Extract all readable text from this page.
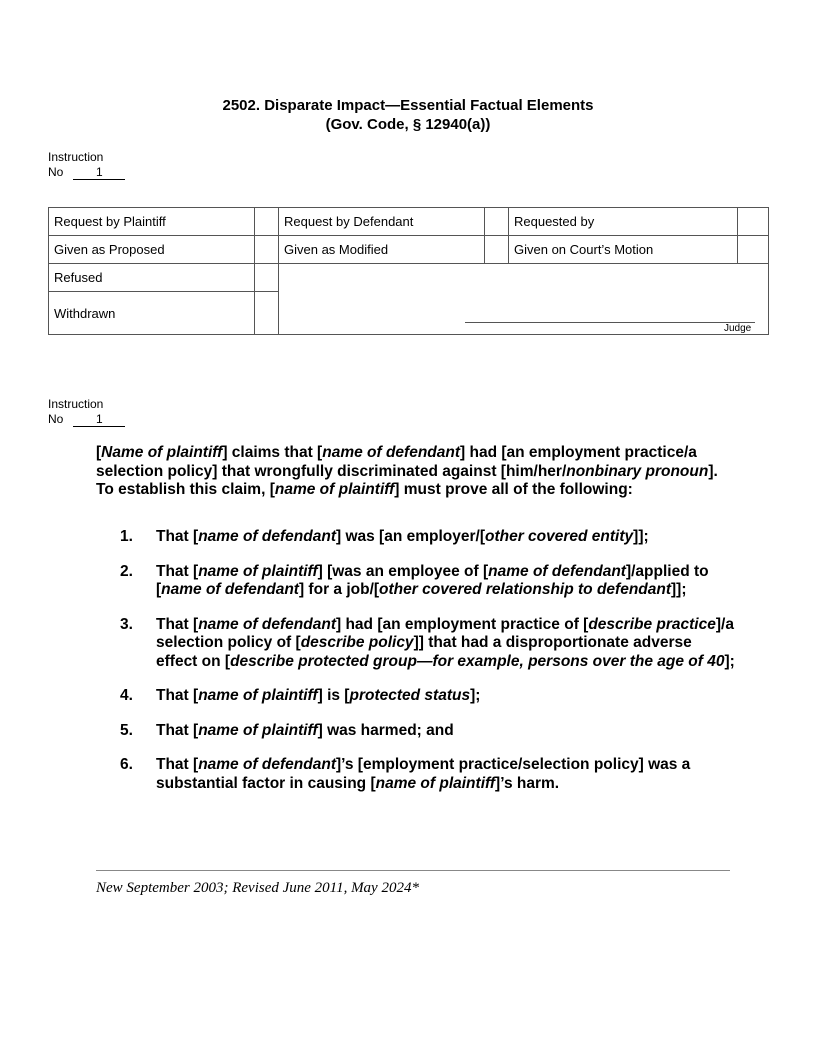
2502. Disparate Impact—Essential Factual Elements
(Gov. Code, § 12940(a))
Instruction
No	1
Request by Plaintiff		Request by Defendant		Requested by	
Given as Proposed		Given as Modified		Given on Court’s Motion	
Refused					
Withdrawn					
Judge
Instruction
No	1
[Name of plaintiff] claims that [name of defendant] had [an employment practice/a selection policy] that wrongfully discriminated against [him/her/nonbinary pronoun]. To establish this claim, [name of plaintiff] must prove all of the following:
1. That [name of defendant] was [an employer/[other covered entity]];
2. That [name of plaintiff] [was an employee of [name of defendant]/applied to [name of defendant] for a job/[other covered relationship to defendant]];
3. That [name of defendant] had [an employment practice of [describe practice]/a selection policy of [describe policy]] that had a disproportionate adverse effect on [describe protected group—for example, persons over the age of 40];
4. That [name of plaintiff] is [protected status];
5. That [name of plaintiff] was harmed; and
6. That [name of defendant]’s [employment practice/selection policy] was a substantial factor in causing [name of plaintiff]’s harm.
New September 2003; Revised June 2011, May 2024*
